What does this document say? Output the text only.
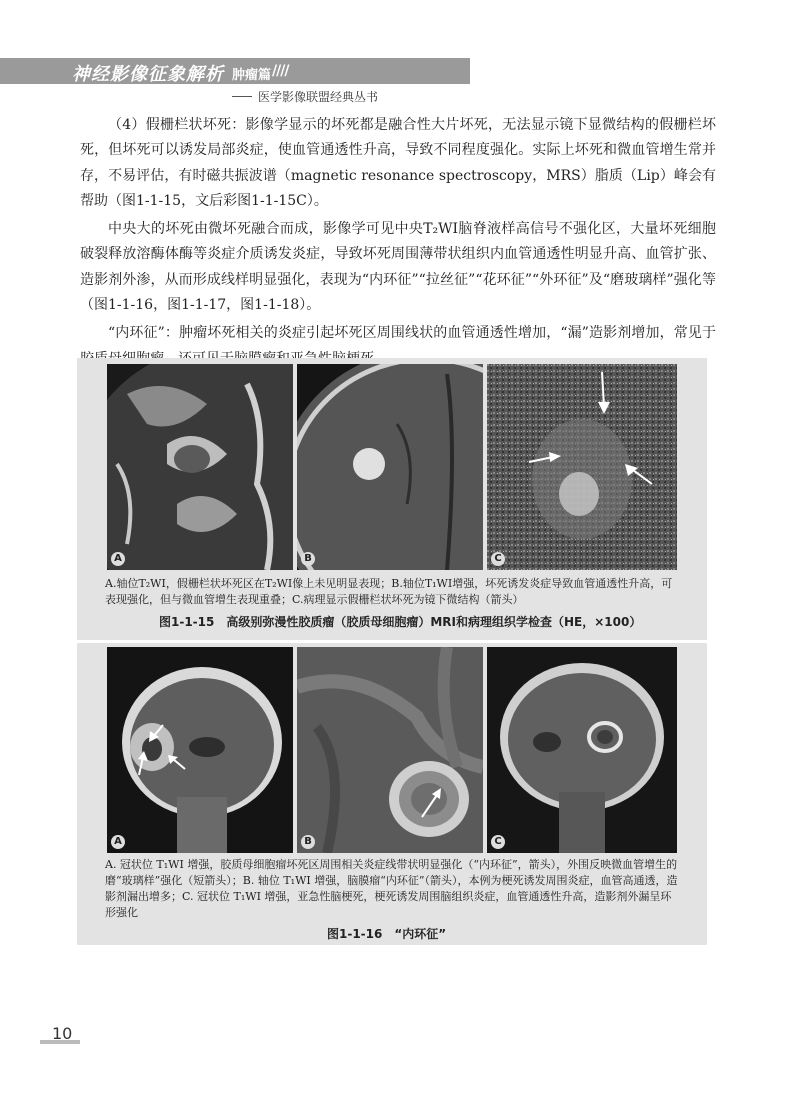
神经影像征象解析 肿瘤篇 ////
医学影像联盟经典丛书

（4）假栅栏状坏死：影像学显示的坏死都是融合性大片坏死，无法显示镜下显微结构的假栅栏坏死，但坏死可以诱发局部炎症，使血管通透性升高，导致不同程度强化。实际上坏死和微血管增生常并存，不易评估，有时磁共振波谱（magnetic resonance spectroscopy，MRS）脂质（Lip）峰会有帮助（图1-1-15，文后彩图1-1-15C）。

中央大的坏死由微坏死融合而成，影像学可见中央T₂WI脑脊液样高信号不强化区，大量坏死细胞破裂释放溶酶体酶等炎症介质诱发炎症，导致坏死周围薄带状组织内血管通透性明显升高、血管扩张、造影剂外渗，从而形成线样明显强化，表现为“内环征”“拉丝征”“花环征”“外环征”及“磨玻璃样”强化等（图1-1-16，图1-1-17，图1-1-18）。

“内环征”：肿瘤坏死相关的炎症引起坏死区周围线状的血管通透性增加，“漏”造影剂增加，常见于

A	B	C
A.轴位T₂WI，假栅栏状坏死区在T₂WI像上未见明显表现；B.轴位T₁WI增强，坏死诱发炎症导致血管通透性升高，可表现强化，但与微血管增生表现重叠；C.病理显示假栅栏状坏死为镜下微结构（箭头）
图1-1-15　高级别弥漫性胶质瘤（胶质母细胞瘤）MRI和病理组织学检查（HE，×100）
A	B	C
A. 冠状位 T₁WI 增强，胶质母细胞瘤坏死区周围相关炎症线带状明显强化（“内环征”，箭头），外围反映微血管增生的磨“玻璃样”强化（短箭头）；B. 轴位 T₁WI 增强，脑膜瘤“内环征”（箭头），本例为梗死诱发周围炎症，血管高通透，造影剂漏出增多；C. 冠状位 T₁WI 增强，亚急性脑梗死，梗死诱发周围脑组织炎症，血管通透性升高，造影剂外漏呈环形强化
图1-1-16　“内环征”
10
